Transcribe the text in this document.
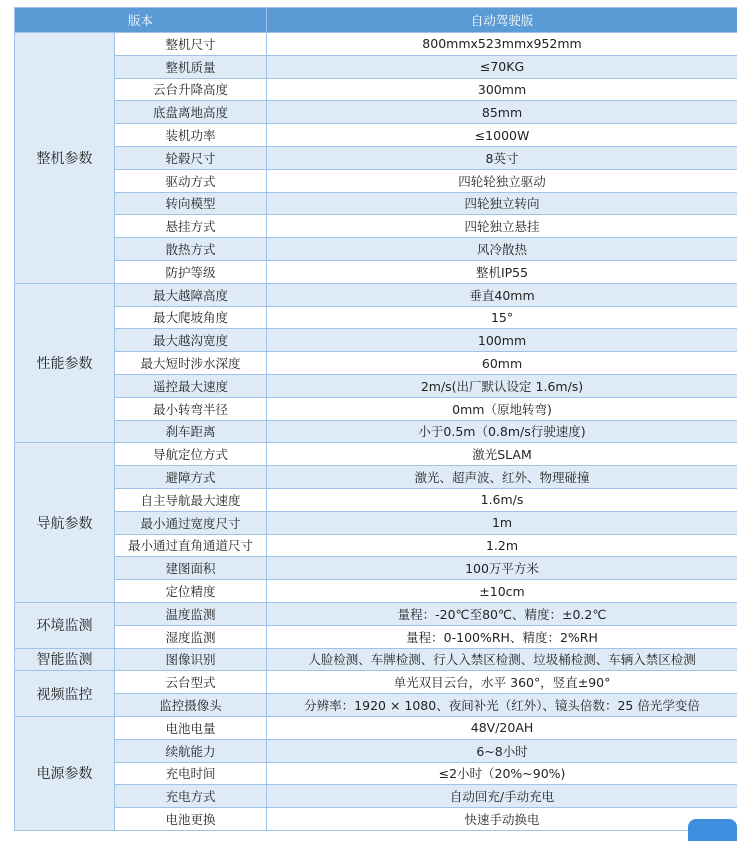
版本		自动驾驶版
整机参数	整机尺寸	800mmx523mmx952mm
	整机质量	≤70KG
	云台升降高度	300mm
	底盘离地高度	85mm
	装机功率	≤1000W
	轮毂尺寸	8英寸
	驱动方式	四轮轮独立驱动
	转向模型	四轮独立转向
	悬挂方式	四轮独立悬挂
	散热方式	风冷散热
	防护等级	整机IP55
性能参数	最大越障高度	垂直40mm
	最大爬坡角度	15°
	最大越沟宽度	100mm
	最大短时涉水深度	60mm
	遥控最大速度	2m/s(出厂默认设定 1.6m/s)
	最小转弯半径	0mm（原地转弯)
	刹车距离	小于0.5m（0.8m/s行驶速度)
导航参数	导航定位方式	激光SLAM
	避障方式	激光、超声波、红外、物理碰撞
	自主导航最大速度	1.6m/s
	最小通过宽度尺寸	1m
	最小通过直角通道尺寸	1.2m
	建图面积	100万平方米
	定位精度	±10cm
环境监测	温度监测	量程：-20℃至80℃、精度：±0.2℃
	湿度监测	量程：0-100%RH、精度：2%RH
智能监测	图像识别	人脸检测、车牌检测、行人入禁区检测、垃圾桶检测、车辆入禁区检测
视频监控	云台型式	单光双目云台，水平 360°，竖直±90°
	监控摄像头	分辨率：1920 × 1080、夜间补光（红外）、镜头倍数：25 倍光学变倍
电源参数	电池电量	48V/20AH
	续航能力	6~8小时
	充电时间	≤2小时（20%~90%)
	充电方式	自动回充/手动充电
	电池更换	快速手动换电
